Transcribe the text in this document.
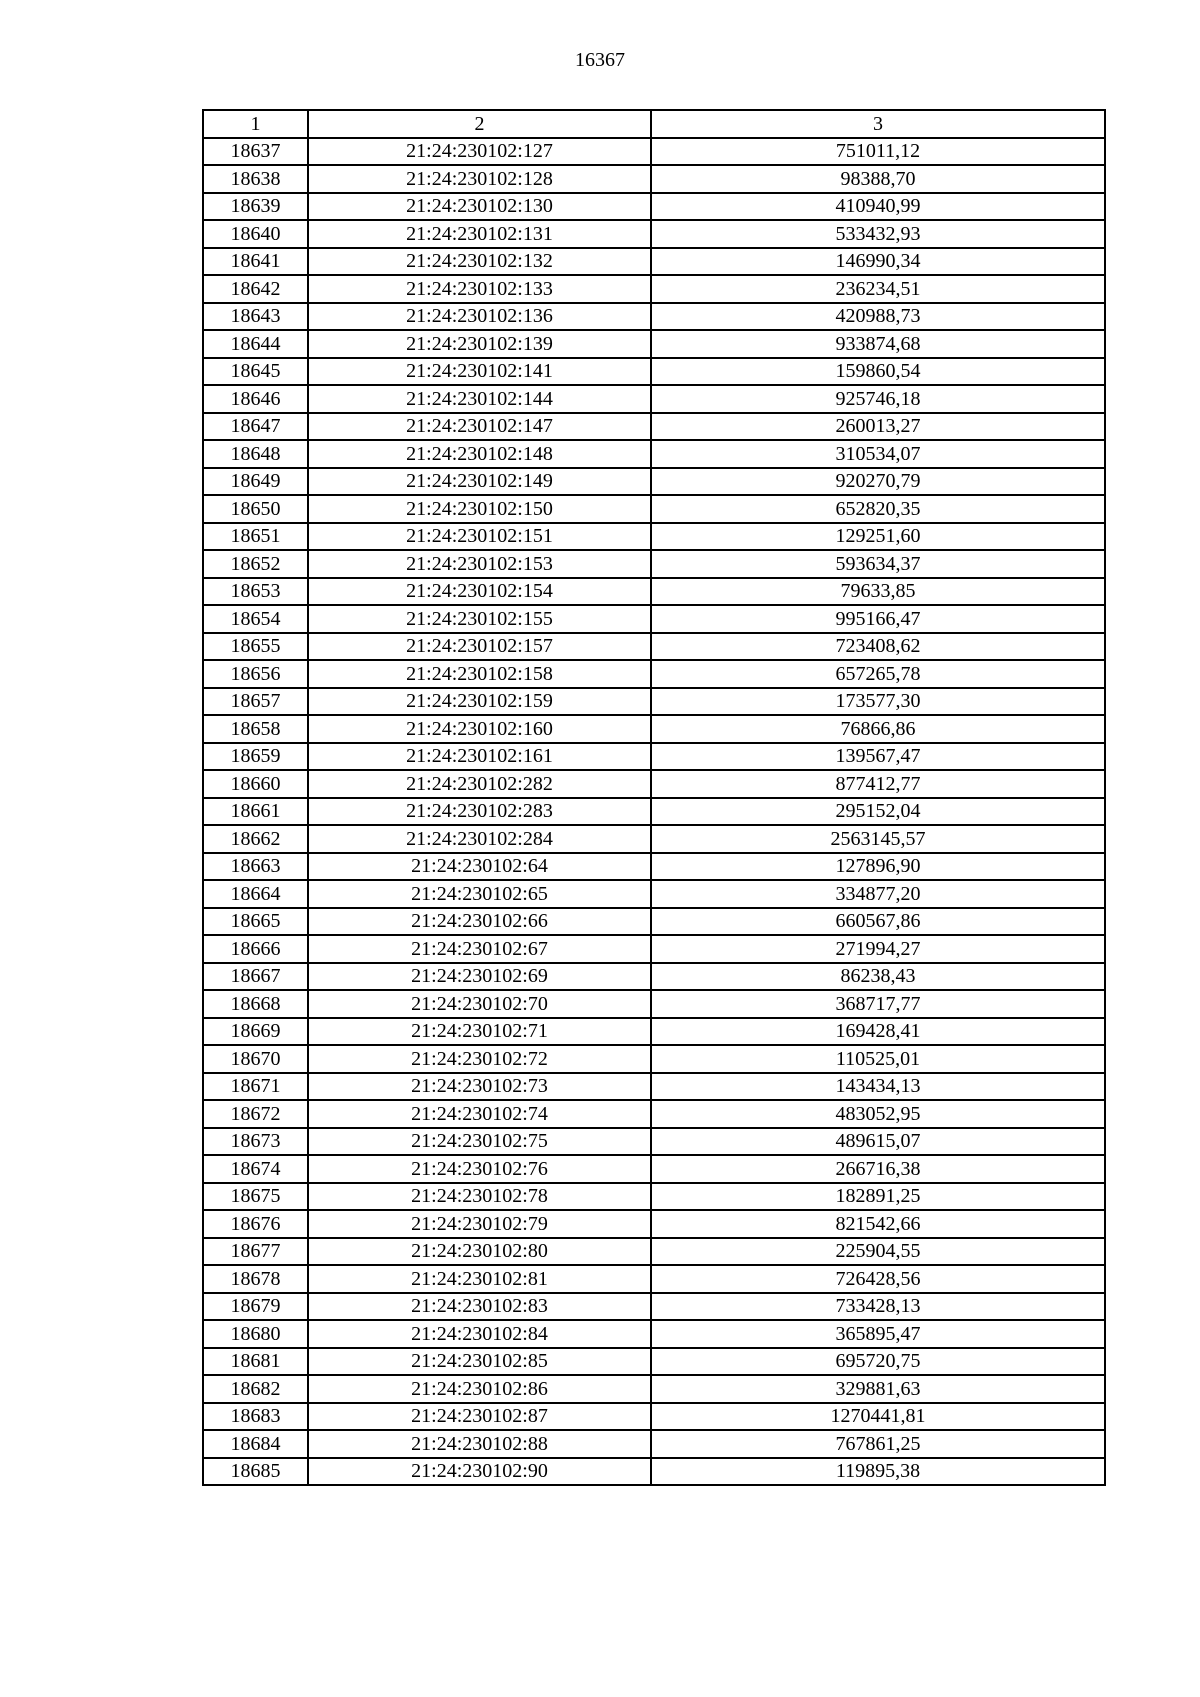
16367
1	2	3
18637	21:24:230102:127	751011,12
18638	21:24:230102:128	98388,70
18639	21:24:230102:130	410940,99
18640	21:24:230102:131	533432,93
18641	21:24:230102:132	146990,34
18642	21:24:230102:133	236234,51
18643	21:24:230102:136	420988,73
18644	21:24:230102:139	933874,68
18645	21:24:230102:141	159860,54
18646	21:24:230102:144	925746,18
18647	21:24:230102:147	260013,27
18648	21:24:230102:148	310534,07
18649	21:24:230102:149	920270,79
18650	21:24:230102:150	652820,35
18651	21:24:230102:151	129251,60
18652	21:24:230102:153	593634,37
18653	21:24:230102:154	79633,85
18654	21:24:230102:155	995166,47
18655	21:24:230102:157	723408,62
18656	21:24:230102:158	657265,78
18657	21:24:230102:159	173577,30
18658	21:24:230102:160	76866,86
18659	21:24:230102:161	139567,47
18660	21:24:230102:282	877412,77
18661	21:24:230102:283	295152,04
18662	21:24:230102:284	2563145,57
18663	21:24:230102:64	127896,90
18664	21:24:230102:65	334877,20
18665	21:24:230102:66	660567,86
18666	21:24:230102:67	271994,27
18667	21:24:230102:69	86238,43
18668	21:24:230102:70	368717,77
18669	21:24:230102:71	169428,41
18670	21:24:230102:72	110525,01
18671	21:24:230102:73	143434,13
18672	21:24:230102:74	483052,95
18673	21:24:230102:75	489615,07
18674	21:24:230102:76	266716,38
18675	21:24:230102:78	182891,25
18676	21:24:230102:79	821542,66
18677	21:24:230102:80	225904,55
18678	21:24:230102:81	726428,56
18679	21:24:230102:83	733428,13
18680	21:24:230102:84	365895,47
18681	21:24:230102:85	695720,75
18682	21:24:230102:86	329881,63
18683	21:24:230102:87	1270441,81
18684	21:24:230102:88	767861,25
18685	21:24:230102:90	119895,38
